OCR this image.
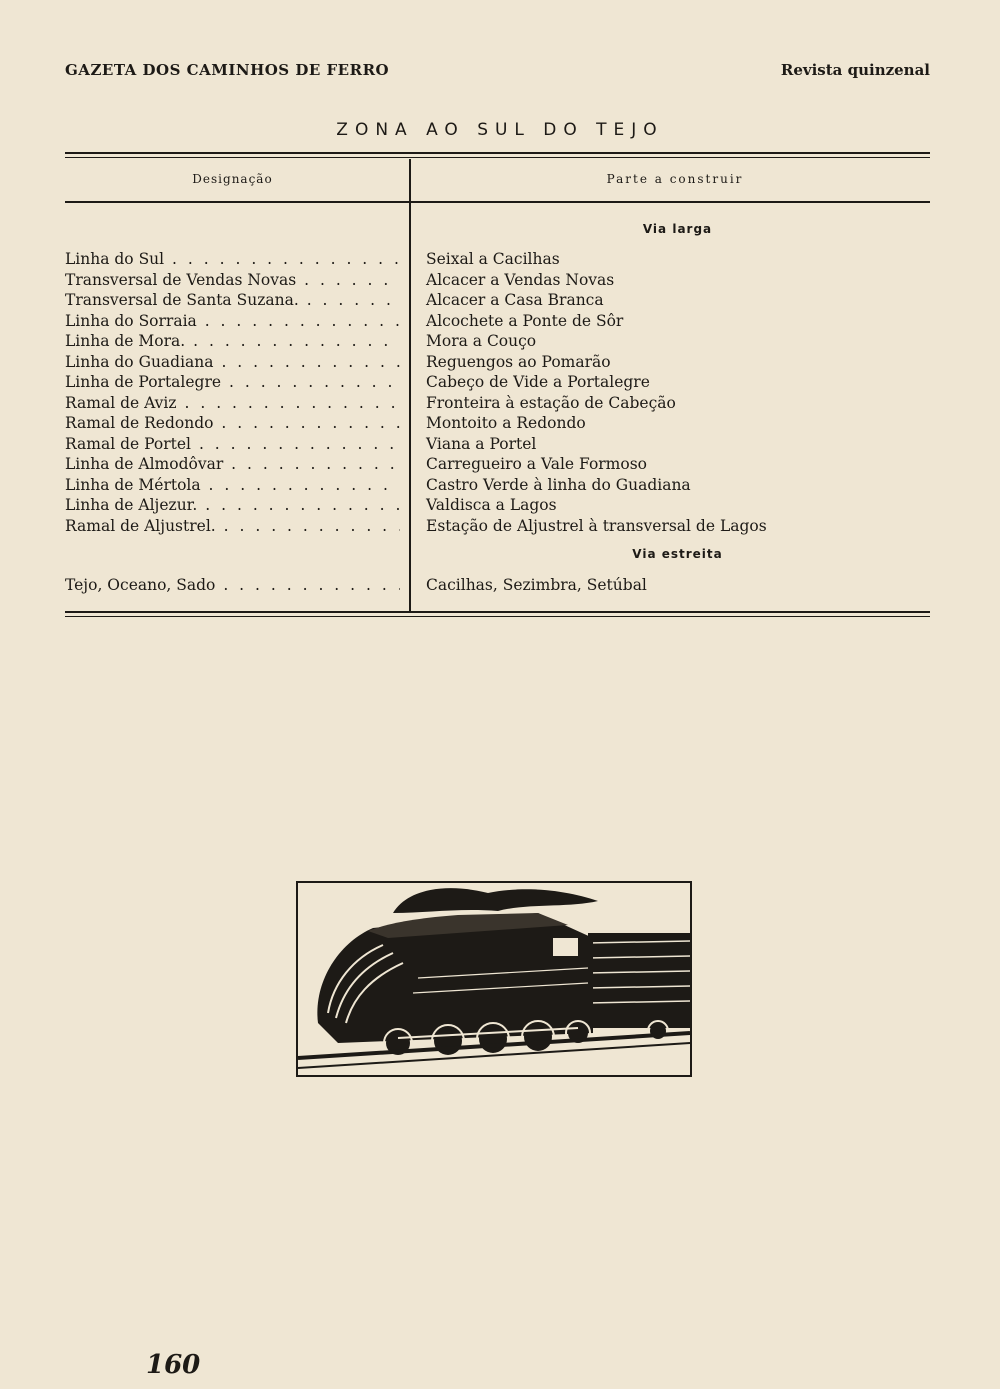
GAZETA DOS CAMINHOS DE FERRO	Revista quinzenal
ZONA AO SUL DO TEJO
Designação	Parte a construir
Via larga
Linha do Sul . . .	Seixal a Cacilhas
Transversal de Vendas Novas . . .	Alcacer a Vendas Novas
Transversal de Santa Suzana. . . .	Alcacer a Casa Branca
Linha do Sorraia . . .	Alcochete a Ponte de Sôr
Linha de Mora. . . .	Mora a Couço
Linha do Guadiana . . .	Reguengos ao Pomarão
Linha de Portalegre . . .	Cabeço de Vide a Portalegre
Ramal de Aviz . . .	Fronteira à estação de Cabeção
Ramal de Redondo . . .	Montoito a Redondo
Ramal de Portel . . .	Viana a Portel
Linha de Almodôvar . . .	Carregueiro a Vale Formoso
Linha de Mértola . . .	Castro Verde à linha do Guadiana
Linha de Aljezur. . . .	Valdisca a Lagos
Ramal de Aljustrel. . . .	Estação de Aljustrel à transversal de Lagos
Via estreita
Tejo, Oceano, Sado . . .	Cacilhas, Sezimbra, Setúbal
160
